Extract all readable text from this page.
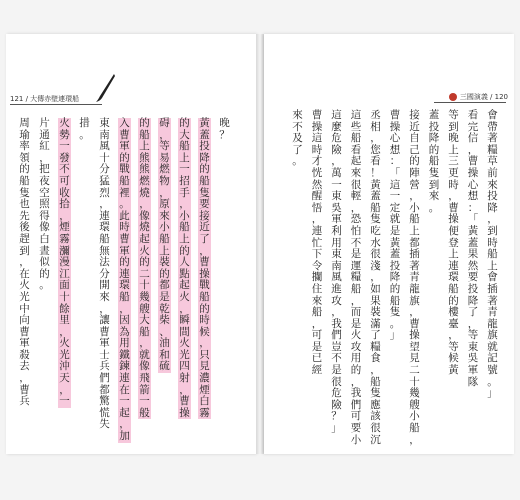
121 / 大傳赤壁連環船	三國演義 / 120
晚
？
黃
蓋
投
降
的
船
隻
要
接
近
了
，
曹
操
戰
船
的
時
候
，
只
見
濃
煙
白
霧
的
大
船
上
一
招
手
，
小
船
上
的
人
點
起
火
，
瞬
間
火
光
四
射
，
曹
操
碍
，
等
易
燃
物
，
原
來
小
船
上
裝
的
都
是
乾
柴
、
油
和
硫
的
船
上
熊
熊
燃
燒
，
像
燒
起
火
的
二
十
幾
艘
大
船
，
就
像
飛
箭
一
般
入
曹
軍
的
戰
船
裡
。
此
時
曹
軍
的
連
環
船
，
因
為
用
鐵
鍊
連
在
一
起
，
加
東
南
風
十
分
猛
烈
，
連
環
船
無
法
分
開
來
，
讓
曹
軍
士
兵
們
都
驚
慌
失
措
。
火
勢
一
發
不
可
收
拾
，
煙
霧
瀰
漫
江
面
十
餘
里
，
火
光
沖
天
，
一
片
通
紅
，
把
夜
空
照
得
像
白
晝
似
的
。
周
瑜
率
領
的
船
隻
也
先
後
趕
到
，
在
火
光
中
向
曹
軍
殺
去
，
曹
兵
會
帶
著
糧
草
前
來
投
降
，
到
時
船
上
會
插
著
青
龍
旗
就
記
號
。
」
看
完
信
，
曹
操
心
想
：
「
黃
蓋
果
然
要
投
降
了
，
等
東
吳
軍
隊
等
到
晚
上
三
更
時
，
曹
操
便
登
上
連
環
船
的
樓
臺
，
等
候
黃
蓋
投
降
的
船
隻
到
來
。
接
近
自
己
的
陣
營
，
小
船
上
都
插
著
青
龍
旗
，
曹
操
望
見
二
十
幾
艘
小
船
，
曹
操
心
想
：
「
這
一
定
就
是
黃
蓋
投
降
的
船
隻
。
」
丞
相
，
您
看
！
黃
蓋
船
隻
吃
水
很
淺
，
如
果
裝
滿
了
糧
食
，
船
隻
應
該
很
沉
這
些
船
看
起
來
很
輕
，
恐
怕
不
是
運
糧
船
，
而
是
火
攻
用
的
，
我
們
可
要
小
這
麼
危
險
，
萬
一
東
吳
軍
利
用
東
南
風
進
攻
，
我
們
豈
不
是
很
危
險
？
」
曹
操
這
時
才
恍
然
醒
悟
，
連
忙
下
令
攔
住
來
船
，
可
是
已
經
來
不
及
了
。
